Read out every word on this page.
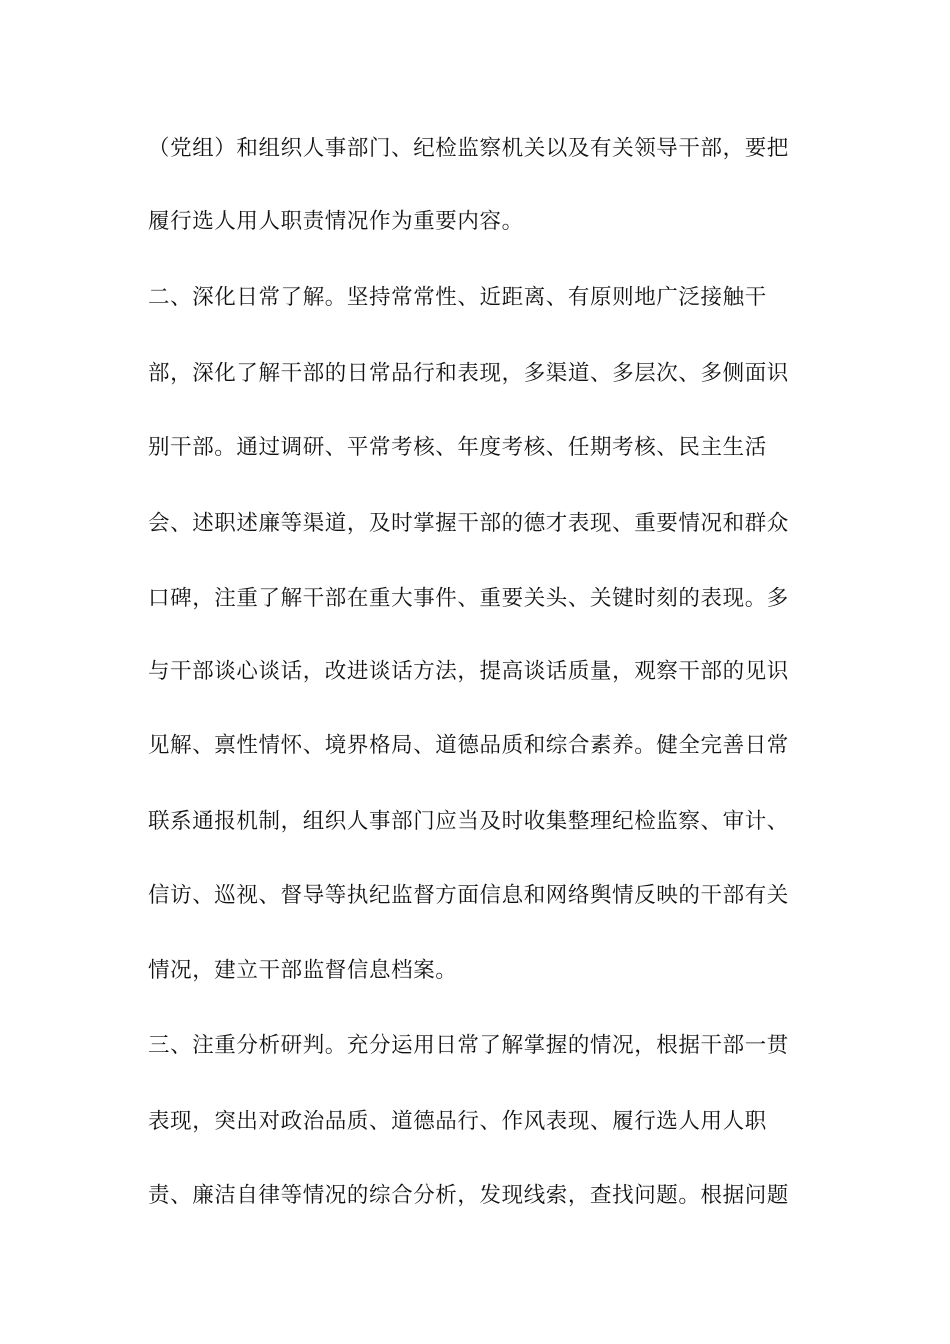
（党组）和组织人事部门、纪检监察机关以及有关领导干部，要把
履行选人用人职责情况作为重要内容。
二、深化日常了解。坚持常常性、近距离、有原则地广泛接触干
部，深化了解干部的日常品行和表现，多渠道、多层次、多侧面识
别干部。通过调研、平常考核、年度考核、任期考核、民主生活
会、述职述廉等渠道，及时掌握干部的德才表现、重要情况和群众
口碑，注重了解干部在重大事件、重要关头、关键时刻的表现。多
与干部谈心谈话，改进谈话方法，提高谈话质量，观察干部的见识
见解、禀性情怀、境界格局、道德品质和综合素养。健全完善日常
联系通报机制，组织人事部门应当及时收集整理纪检监察、审计、
信访、巡视、督导等执纪监督方面信息和网络舆情反映的干部有关
情况，建立干部监督信息档案。
三、注重分析研判。充分运用日常了解掌握的情况，根据干部一贯
表现，突出对政治品质、道德品行、作风表现、履行选人用人职
责、廉洁自律等情况的综合分析，发现线索，查找问题。根据问题
